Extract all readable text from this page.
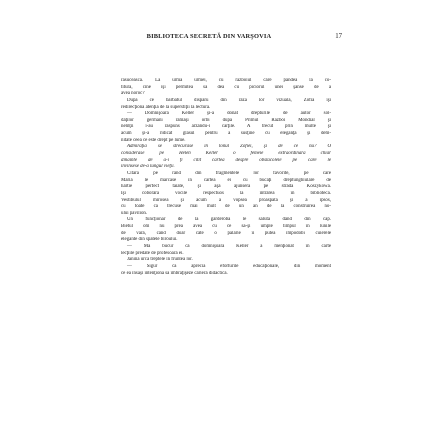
BIBLIOTECA SECRETĂ DIN VARŞOVIA	17
răsucească. La urma urmei, cu războiul care pândea la co-
titură, cine îşi permitea să dea cu piciorul unei şanse de a
avea noroc?
După ce bărbatul dispăru din raza lor vizuală, Zofia îşi
redirecţionă atenţia de la superstiţii la lectură.
— Domnişoara Keller şi-a donat drepturile de autor sol-
daţilor germani rămaşi orbi după Primul Război Mondial şi
nemţii i-au răspuns arzându-i cărţile. A trecut prin multe şi
acum şi-a ridicat glasul pentru a susţine cu eleganţă şi dem-
nitate ceea ce este drept pe lume.
Admiraţia se strecurase în tonul Zofiei, şi de ce nu? O
considerase pe Helen Keller o femeie extraordinară chiar
dinainte de a-i fi citit cartea despre obstacolele pe care le
învinsese de-a lungul vieţii.
Citară pe rând din fragmentele lor favorite, pe care
Maria le marcase în cartea ei cu bucăţi dreptunghiulare de
hârtie perfect tăiate, şi aşa ajunseră pe strada Koszykowa.
Îşi coborâră vocile respectuos la intrarea în bibliotecă.
Vestibulul mirosea şi acum a vopsea proaspătă şi a ipsos,
cu toate că trecuse mai mult de un an de la construirea no-
ului pavilion.
Un funcţionar de la garderobă le salută dând din cap.
Bietul om nu prea avea cu ce să-şi umple timpul în lunile
de vară, când doar câte o pălărie îi putea împodobi cuierele
elegante din spatele biroului.
— Mă bucur că domnişoara Keller a menţionat în carte
lecţiile predate de profesoara ei.
Janina urca treptele în fruntea lor.
— Sigur că apreciă eforturile educaţionale, din moment
ce ea însăşi intenţiona să îmbrăţişeze cariera didactică.
